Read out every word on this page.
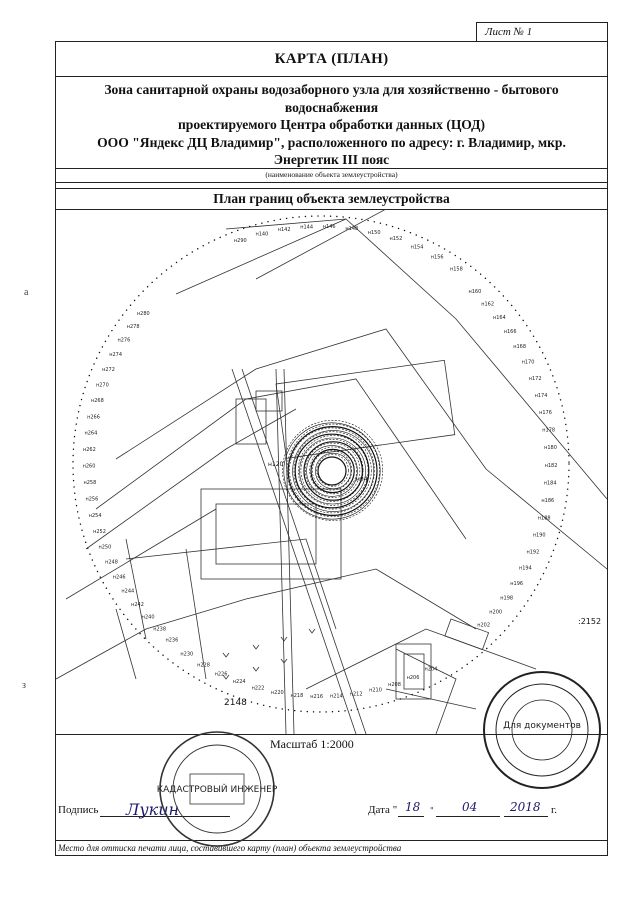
Лист № 1
КАРТА (ПЛАН)
Зона санитарной охраны водозаборного узла для хозяйственно - бытового
водоснабжения
проектируемого Центра обработки данных (ЦОД)
ООО "Яндекс ДЦ Владимир", расположенного по адресу: г. Владимир, мкр.
Энергетик III пояс
(наименование объекта землеустройства)
План границ объекта землеустройства
н290
н140
н142 н144 н146 н148
н150
н152
н154
н156
н158
н280
н278
н276
н274
н272
н270
н268
н266
н264
н262
н260
н258
н256
н254
н252
н250
н248
н246
н244
н242
н240
н238
н236
н160
н162
н164
н166
н168
н170
н172
н174
н176
н178
н180
н182
н184
н186
н188
н190
н192
н194
н196
н198
н200
н202
н230
н228
н226
н224
н222
н220 н218 н216 н214 н212
н210
н208
н206
н204
н120
н04
2148
:2152
Масштаб 1:2000
Подпись Лукин	Дата " 18 " 04	2018 г.
Место для оттиска печати лица, составившего карту (план) объекта землеустройства
а
з
Для документов
КАДАСТРОВЫЙ ИНЖЕНЕР
